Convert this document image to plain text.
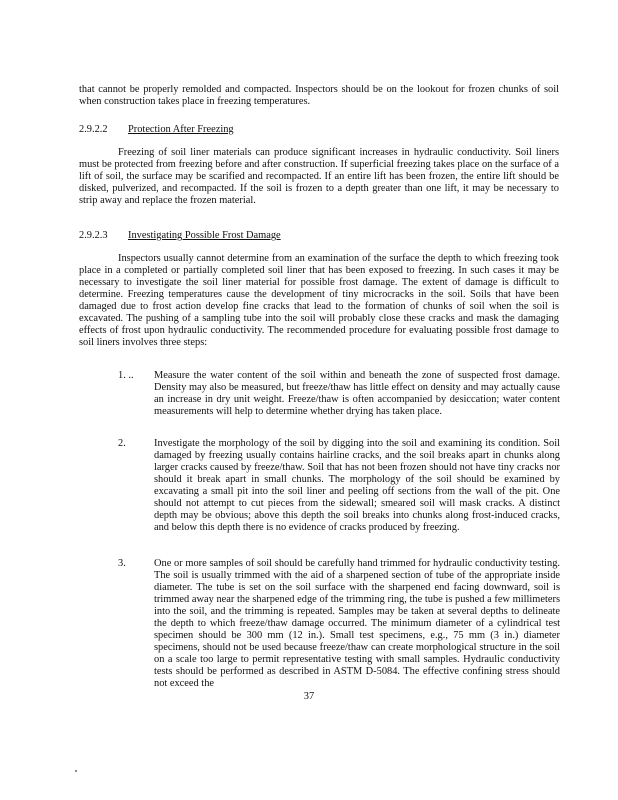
that cannot be properly remolded and compacted. Inspectors should be on the lookout for frozen chunks of soil when construction takes place in freezing temperatures.

2.9.2.2 Protection After Freezing

Freezing of soil liner materials can produce significant increases in hydraulic conductivity. Soil liners must be protected from freezing before and after construction. If superficial freezing takes place on the surface of a lift of soil, the surface may be scarified and recompacted. If an entire lift has been frozen, the entire lift should be disked, pulverized, and recompacted. If the soil is frozen to a depth greater than one lift, it may be necessary to strip away and replace the frozen material.

2.9.2.3 Investigating Possible Frost Damage

Inspectors usually cannot determine from an examination of the surface the depth to which freezing took place in a completed or partially completed soil liner that has been exposed to freezing. In such cases it may be necessary to investigate the soil liner material for possible frost damage. The extent of damage is difficult to determine. Freezing temperatures cause the development of tiny microcracks in the soil. Soils that have been damaged due to frost action develop fine cracks that lead to the formation of chunks of soil when the soil is excavated. The pushing of a sampling tube into the soil will probably close these cracks and mask the damaging effects of frost upon hydraulic conductivity. The recommended procedure for evaluating possible frost damage to soil liners involves three steps:

1. ..	Measure the water content of the soil within and beneath the zone of suspected frost damage. Density may also be measured, but freeze/thaw has little effect on density and may actually cause an increase in dry unit weight. Freeze/thaw is often accompanied by desiccation; water content measurements will help to determine whether drying has taken place.
2.	Investigate the morphology of the soil by digging into the soil and examining its condition. Soil damaged by freezing usually contains hairline cracks, and the soil breaks apart in chunks along larger cracks caused by freeze/thaw. Soil that has not been frozen should not have tiny cracks nor should it break apart in small chunks. The morphology of the soil should be examined by excavating a small pit into the soil liner and peeling off sections from the wall of the pit. One should not attempt to cut pieces from the sidewall; smeared soil will mask cracks. A distinct depth may be obvious; above this depth the soil breaks into chunks along frost-induced cracks, and below this depth there is no evidence of cracks produced by freezing.
3.	One or more samples of soil should be carefully hand trimmed for hydraulic conductivity testing. The soil is usually trimmed with the aid of a sharpened section of tube of the appropriate inside diameter. The tube is set on the soil surface with the sharpened end facing downward, soil is trimmed away near the sharpened edge of the trimming ring, the tube is pushed a few millimeters into the soil, and the trimming is repeated. Samples may be taken at several depths to delineate the depth to which freeze/thaw damage occurred. The minimum diameter of a cylindrical test specimen should be 300 mm (12 in.). Small test specimens, e.g., 75 mm (3 in.) diameter specimens, should not be used because freeze/thaw can create morphological structure in the soil on a scale too large to permit representative testing with small samples. Hydraulic conductivity tests should be performed as described in ASTM D-5084. The effective confining stress should not exceed the
37
